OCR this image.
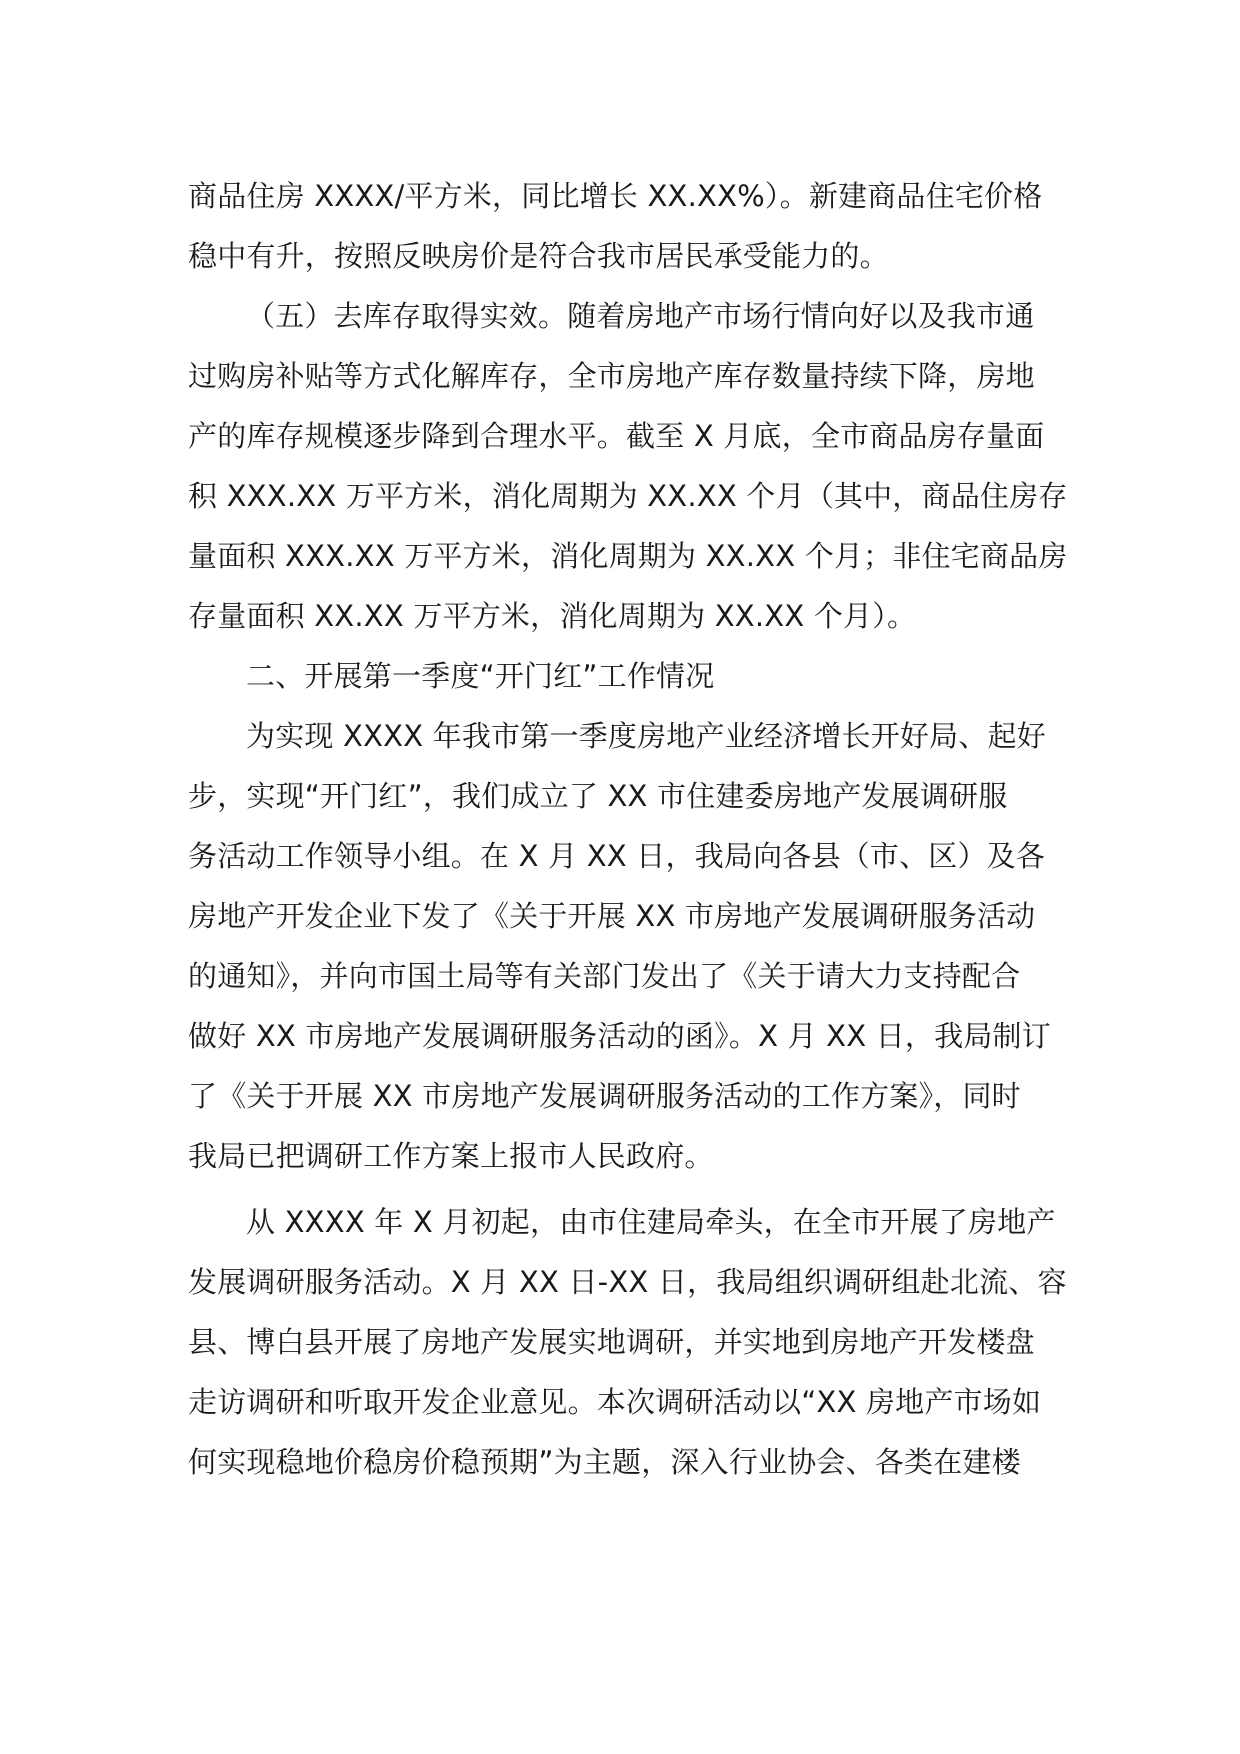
商品住房 XXXX/平方米，同比增长 XX.XX%）。新建商品住宅价格
稳中有升，按照反映房价是符合我市居民承受能力的。
（五）去库存取得实效。随着房地产市场行情向好以及我市通
过购房补贴等方式化解库存，全市房地产库存数量持续下降，房地
产的库存规模逐步降到合理水平。截至 X 月底，全市商品房存量面
积 XXX.XX 万平方米，消化周期为 XX.XX 个月（其中，商品住房存
量面积 XXX.XX 万平方米，消化周期为 XX.XX 个月；非住宅商品房
存量面积 XX.XX 万平方米，消化周期为 XX.XX 个月）。
二、开展第一季度“开门红”工作情况
为实现 XXXX 年我市第一季度房地产业经济增长开好局、起好
步，实现“开门红”，我们成立了 XX 市住建委房地产发展调研服
务活动工作领导小组。在 X 月 XX 日，我局向各县（市、区）及各
房地产开发企业下发了《关于开展 XX 市房地产发展调研服务活动
的通知》，并向市国土局等有关部门发出了《关于请大力支持配合
做好 XX 市房地产发展调研服务活动的函》。X 月 XX 日，我局制订
了《关于开展 XX 市房地产发展调研服务活动的工作方案》，同时
我局已把调研工作方案上报市人民政府。
从 XXXX 年 X 月初起，由市住建局牵头，在全市开展了房地产
发展调研服务活动。X 月 XX 日-XX 日，我局组织调研组赴北流、容
县、博白县开展了房地产发展实地调研，并实地到房地产开发楼盘
走访调研和听取开发企业意见。本次调研活动以“XX 房地产市场如
何实现稳地价稳房价稳预期”为主题，深入行业协会、各类在建楼
